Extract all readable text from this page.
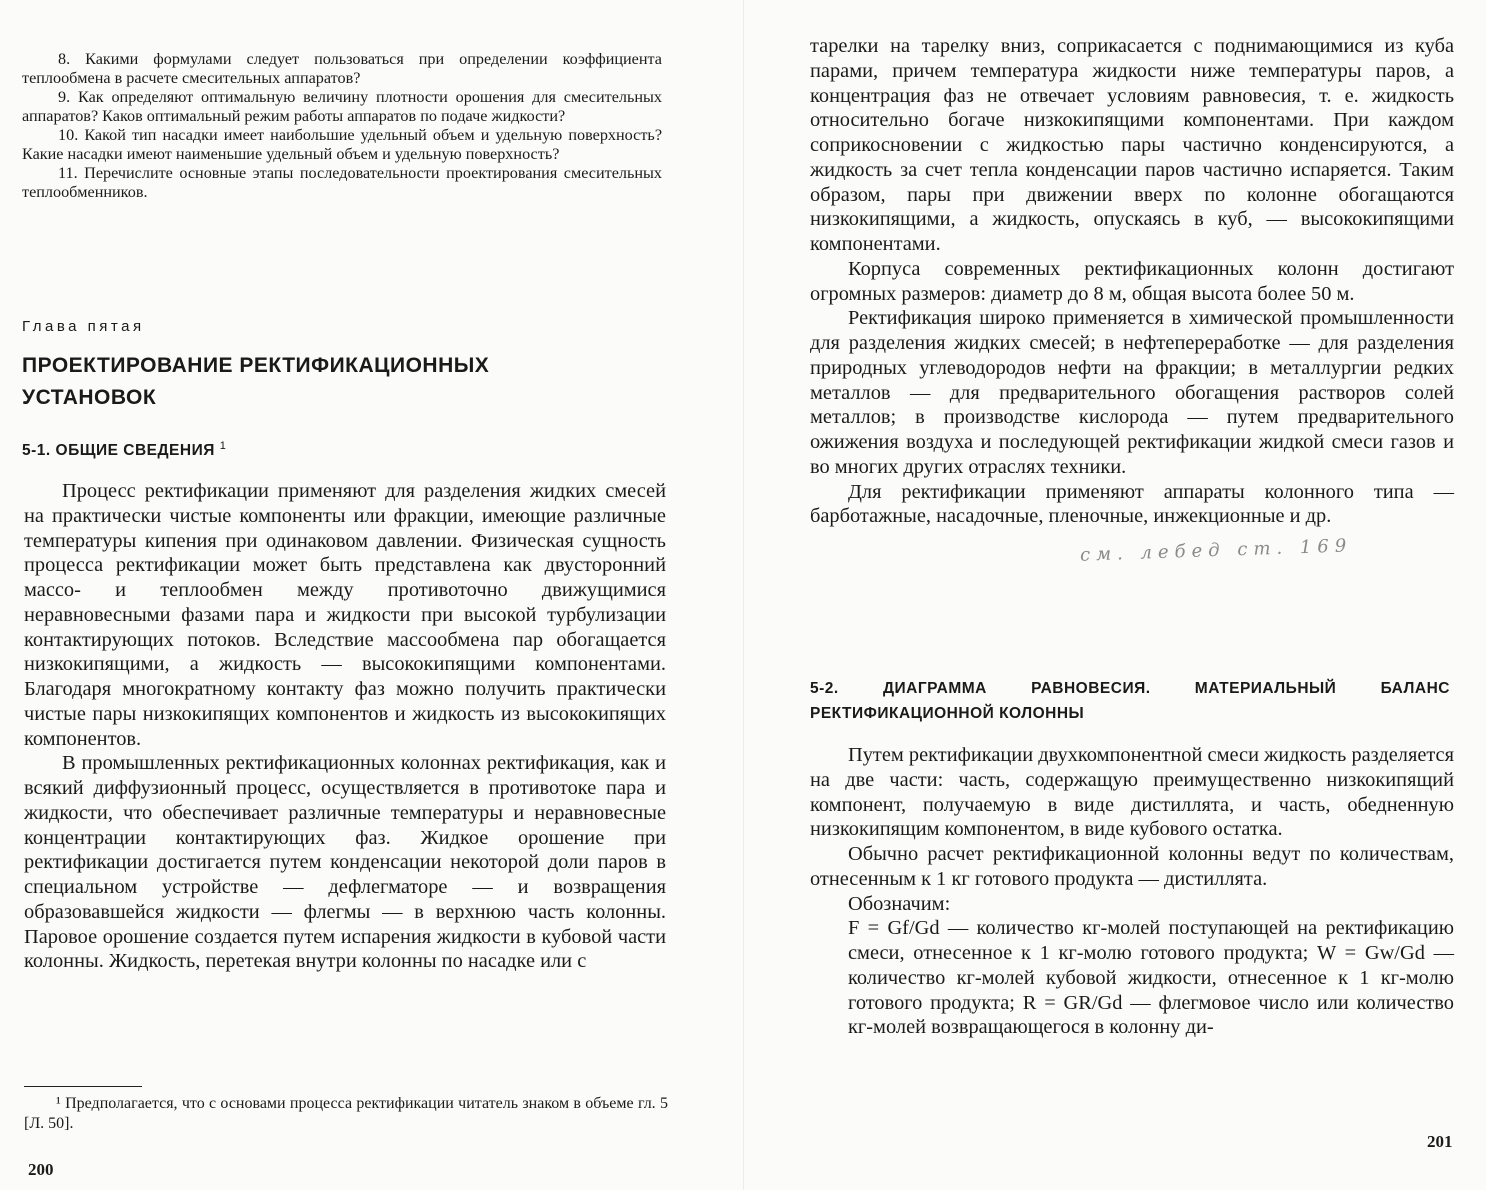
8. Какими формулами следует пользоваться при определении коэффициента теплообмена в расчете смесительных аппаратов?

9. Как определяют оптимальную величину плотности орошения для смесительных аппаратов? Каков оптимальный режим работы аппаратов по подаче жидкости?

10. Какой тип насадки имеет наибольшие удельный объем и удельную поверхность? Какие насадки имеют наименьшие удельный объем и удельную поверхность?

11. Перечислите основные этапы последовательности проектирования смесительных теплообменников.

Глава пятая
ПРОЕКТИРОВАНИЕ РЕКТИФИКАЦИОННЫХ УСТАНОВОК
5-1. ОБЩИЕ СВЕДЕНИЯ $^1$

Процесс ректификации применяют для разделения жидких смесей на практически чистые компоненты или фракции, имеющие различные температуры кипения при одинаковом давлении. Физическая сущность процесса ректификации может быть представлена как двусторонний массо- и теплообмен между противоточно движущимися неравновесными фазами пара и жидкости при высокой турбулизации контактирующих потоков. Вследствие массообмена пар обогащается низкокипящими, а жидкость — высококипящими компонентами. Благодаря многократному контакту фаз можно получить практически чистые пары низкокипящих компонентов и жидкость из высококипящих компонентов.

В промышленных ректификационных колоннах ректификация, как и всякий диффузионный процесс, осуществляется в противотоке пара и жидкости, что обеспечивает различные температуры и неравновесные концентрации контактирующих фаз. Жидкое орошение при ректификации достигается путем конденсации некоторой доли паров в специальном устройстве — дефлегматоре — и возвращения образовавшейся жидкости — флегмы — в верхнюю часть колонны. Паровое орошение создается путем испарения жидкости в кубовой части колонны. Жидкость, перетекая внутри колонны по насадке или с

¹ Предполагается, что с основами процесса ректификации читатель знаком в объеме гл. 5 [Л. 50].
200

тарелки на тарелку вниз, соприкасается с поднимающимися из куба парами, причем температура жидкости ниже температуры паров, а концентрация фаз не отвечает условиям равновесия, т. е. жидкость относительно богаче низкокипящими компонентами. При каждом соприкосновении с жидкостью пары частично конденсируются, а жидкость за счет тепла конденсации паров частично испаряется. Таким образом, пары при движении вверх по колонне обогащаются низкокипящими, а жидкость, опускаясь в куб, — высококипящими компонентами.

Корпуса современных ректификационных колонн достигают огромных размеров: диаметр до 8 м, общая высота более 50 м.

Ректификация широко применяется в химической промышленности для разделения жидких смесей; в нефтепереработке — для разделения природных углеводородов нефти на фракции; в металлургии редких металлов — для предварительного обогащения растворов солей металлов; в производстве кислорода — путем предварительного ожижения воздуха и последующей ректификации жидкой смеси газов и во многих других отраслях техники.

Для ректификации применяют аппараты колонного типа — барботажные, насадочные, пленочные, инжекционные и др.

см. лебед ст. 169
5-2. ДИАГРАММА РАВНОВЕСИЯ. МАТЕРИАЛЬНЫЙ БАЛАНС РЕКТИФИКАЦИОННОЙ КОЛОННЫ

Путем ректификации двухкомпонентной смеси жидкость разделяется на две части: часть, содержащую преимущественно низкокипящий компонент, получаемую в виде дистиллята, и часть, обедненную низкокипящим компонентом, в виде кубового остатка.

Обычно расчет ректификационной колонны ведут по количествам, отнесенным к 1 кг готового продукта — дистиллята.

Обозначим:

F = Gf/Gd — количество кг-молей поступающей на ректификацию смеси, отнесенное к 1 кг-молю готового продукта; W = Gw/Gd — количество кг-молей кубовой жидкости, отнесенное к 1 кг-молю готового продукта; R = GR/Gd — флегмовое число или количество кг-молей возвращающегося в колонну ди-

201
